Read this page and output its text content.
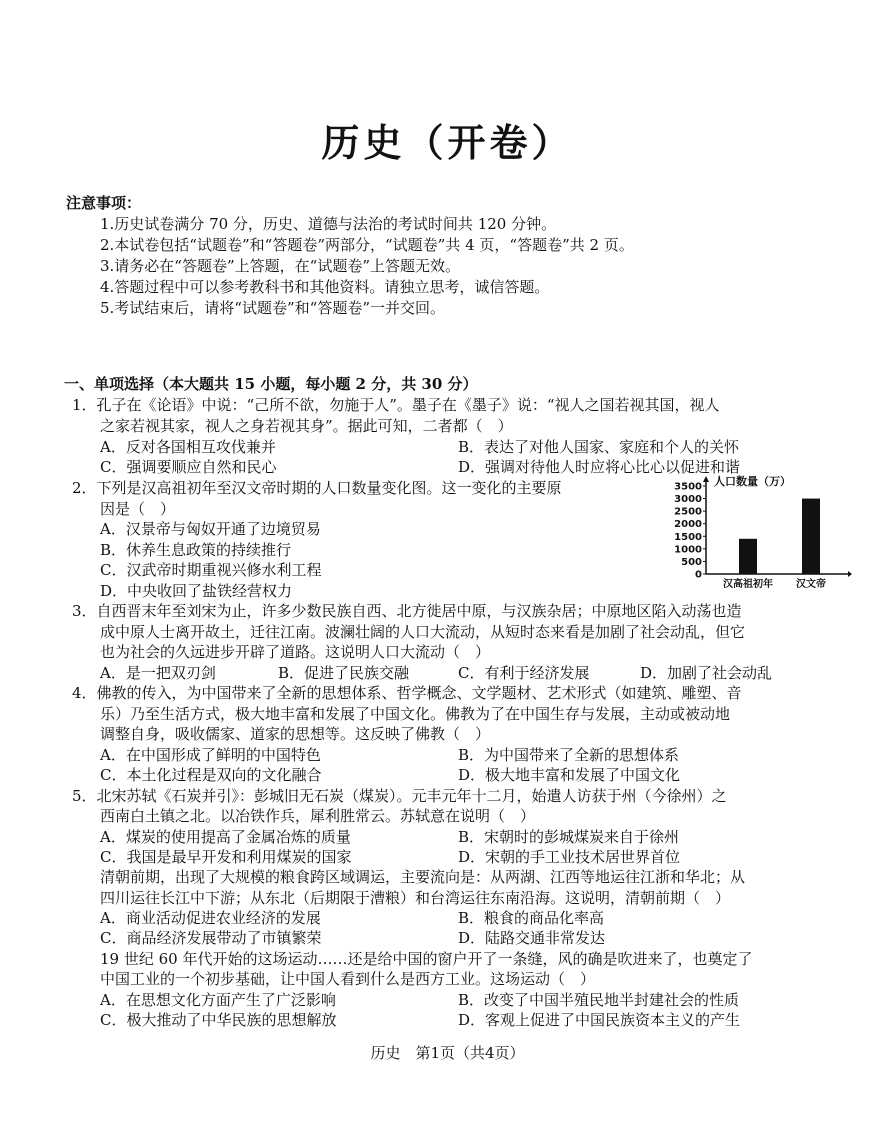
历史（开卷）
注意事项：
1.历史试卷满分 70 分，历史、道德与法治的考试时间共 120 分钟。
2.本试卷包括“试题卷”和“答题卷”两部分，“试题卷”共 4 页，“答题卷”共 2 页。
3.请务必在“答题卷”上答题，在“试题卷”上答题无效。
4.答题过程中可以参考教科书和其他资料。请独立思考，诚信答题。
5.考试结束后，请将“试题卷”和“答题卷”一并交回。
一、单项选择（本大题共 15 小题，每小题 2 分，共 30 分）
1．孔子在《论语》中说：“己所不欲，勿施于人”。墨子在《墨子》说：“视人之国若视其国，视人
之家若视其家，视人之身若视其身”。据此可知，二者都（　）
A．反对各国相互攻伐兼并	B．表达了对他人国家、家庭和个人的关怀
C．强调要顺应自然和民心	D．强调对待他人时应将心比心以促进和谐
2．下列是汉高祖初年至汉文帝时期的人口数量变化图。这一变化的主要原
因是（　）
A．汉景帝与匈奴开通了边境贸易
B．休养生息政策的持续推行
C．汉武帝时期重视兴修水利工程
D．中央收回了盐铁经营权力
人口数量（万）
0
500
1000
1500
2000
2500
3000
3500
汉高祖初年 汉文帝
3．自西晋末年至刘宋为止，许多少数民族自西、北方徙居中原，与汉族杂居；中原地区陷入动荡也造
成中原人士离开故土，迁往江南。波澜壮阔的人口大流动，从短时态来看是加剧了社会动乱，但它
也为社会的久远进步开辟了道路。这说明人口大流动（　）
A．是一把双刃剑	B．促进了民族交融	C．有利于经济发展	D．加剧了社会动乱
4．佛教的传入，为中国带来了全新的思想体系、哲学概念、文学题材、艺术形式（如建筑、雕塑、音
乐）乃至生活方式，极大地丰富和发展了中国文化。佛教为了在中国生存与发展，主动或被动地
调整自身，吸收儒家、道家的思想等。这反映了佛教（　）
A．在中国形成了鲜明的中国特色	B．为中国带来了全新的思想体系
C．本土化过程是双向的文化融合	D．极大地丰富和发展了中国文化
5．北宋苏轼《石炭并引》：彭城旧无石炭（煤炭）。元丰元年十二月，始遣人访获于州（今徐州）之
西南白土镇之北。以冶铁作兵，犀利胜常云。苏轼意在说明（　）
A．煤炭的使用提高了金属冶炼的质量	B．宋朝时的彭城煤炭来自于徐州
C．我国是最早开发和利用煤炭的国家	D．宋朝的手工业技术居世界首位
清朝前期，出现了大规模的粮食跨区域调运，主要流向是：从两湖、江西等地运往江浙和华北；从
四川运往长江中下游；从东北（后期限于漕粮）和台湾运往东南沿海。这说明，清朝前期（　）
A．商业活动促进农业经济的发展	B．粮食的商品化率高
C．商品经济发展带动了市镇繁荣	D．陆路交通非常发达
19 世纪 60 年代开始的这场运动……还是给中国的窗户开了一条缝，风的确是吹进来了，也奠定了
中国工业的一个初步基础，让中国人看到什么是西方工业。这场运动（　）
A．在思想文化方面产生了广泛影响	B．改变了中国半殖民地半封建社会的性质
C．极大推动了中华民族的思想解放	D．客观上促进了中国民族资本主义的产生
历史　第1页（共4页）
